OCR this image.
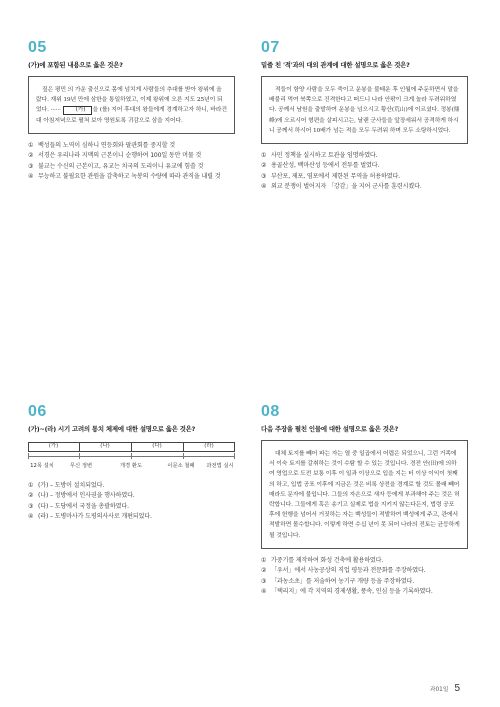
05
(가)에 포함된 내용으로 옳은 것은?

짚은 평민 의 가운 출신으로 몸에 넘치게 사람들의 추대를 받아 왕위에 올랐다. 재위 19년 만에 삼한을 통일하였고, 이제 왕위에 오른 지도 25년이 되었다. ······ (가) 을 (를) 지어 후대의 왕들에게 경계하고자 하니, 바라건대 아침저녁으로 펼쳐 보아 영원토록 귀감으로 삼을 지어다.

① 백성들의 노역이 심하니 연등회와 팔관회를 중지할 것
② 서경은 우리나라 지맥의 근본이니 순행하여 100일 동안 머물 것
③ 불교는 수신의 근본이고, 유교는 치국의 도리이니 유교에 힘쓸 것
④ 무능하고 불필요한 관원을 감축하고 녹봉의 수량에 따라 관직을 내릴 것
07
밑줄 친 '적'과의 대외 관계에 대한 설명으로 옳은 것은?

적들이 함양 사람을 모두 죽이고 운봉을 불태운 후 인월에 주둔하면서 말을 배불리 먹여 북쪽으로 진격한다고 떠드니 나라 안팎이 크게 놀라 두려워하였다. 공께서 남원을 출발하여 운봉을 넘으시고 황산(荒山)에 이르셨다. 정봉(鼎峰)에 오르시어 형편을 살피시고는, 날랜 군사들을 앞장세워서 공격하게 하시니 공께서 하시어 10배가 넘는 적을 모두 두려워 하며 모두 소탕하시었다.

① 사민 정책을 실시하고 토관을 임명하였다.
② 용골산성, 백마산성 등에서 전투를 벌였다.
③ 부산포, 제포, 염포에서 제한된 무역을 허용하였다.
④ 외교 분쟁이 벌어지자 「강감」을 지어 군사를 훈련시켰다.
06
(가)~(라) 시기 고려의 통치 체제에 대한 설명으로 옳은 것은?
(가)	(나)	(다)	(라)
12목 설치	무신 정변	개경 환도	이문소 철폐 과전법 실시
① (가) – 도방이 설치되었다.
② (나) – 정방에서 인사권을 행사하였다.
③ (다) – 도당에서 국정을 총괄하였다.
④ (라) – 도병마사가 도평의사사로 개편되었다.
08
다음 주장을 펼친 인물에 대한 설명으로 옳은 것은?

대체 토지를 빼어 파는 자는 열 중 일곱에서 어렵은 되었으니, 그런 거족에서 이숙 토지를 갈취하는 것이 수탐 할 수 있는 것입니다. 경전 안(田)에 의하여 영업으로 도전 보통 이후 이 일과 이상으로 입을 지는 터 이상 이익이 첫째의 하고, 입법 공포 이후에 지금은 것은 비록 상전을 경계로 할 것도 몰래 빼어 매라도 문자에 불입니다. 그들의 자손으로 새자 등에게 부과해야 주는 것은 허락합니다. 그들에게 혹은 송기고 실제로 법을 지키지 않는다든지, 법령 공포 후에 헌행을 넘어서 거짓하는 자는 백성들이 적발하여 백성에게 주고, 관에서 적발하면 몰수합니다. 이렇게 하면 수십 년이 못 되어 나라의 전토는 균등하게 될 것입니다.

① 가중기를 제작하여 화성 건축에 활용하였다.
② 「우서」에서 사농공상의 직업 평등과 전문화를 주장하였다.
③ 「과농소초」를 저술하여 농기구 개량 등을 주장하였다.
④ 「택리지」에 각 지역의 경제생활, 풍속, 인심 등을 기록하였다.
과01일 5
